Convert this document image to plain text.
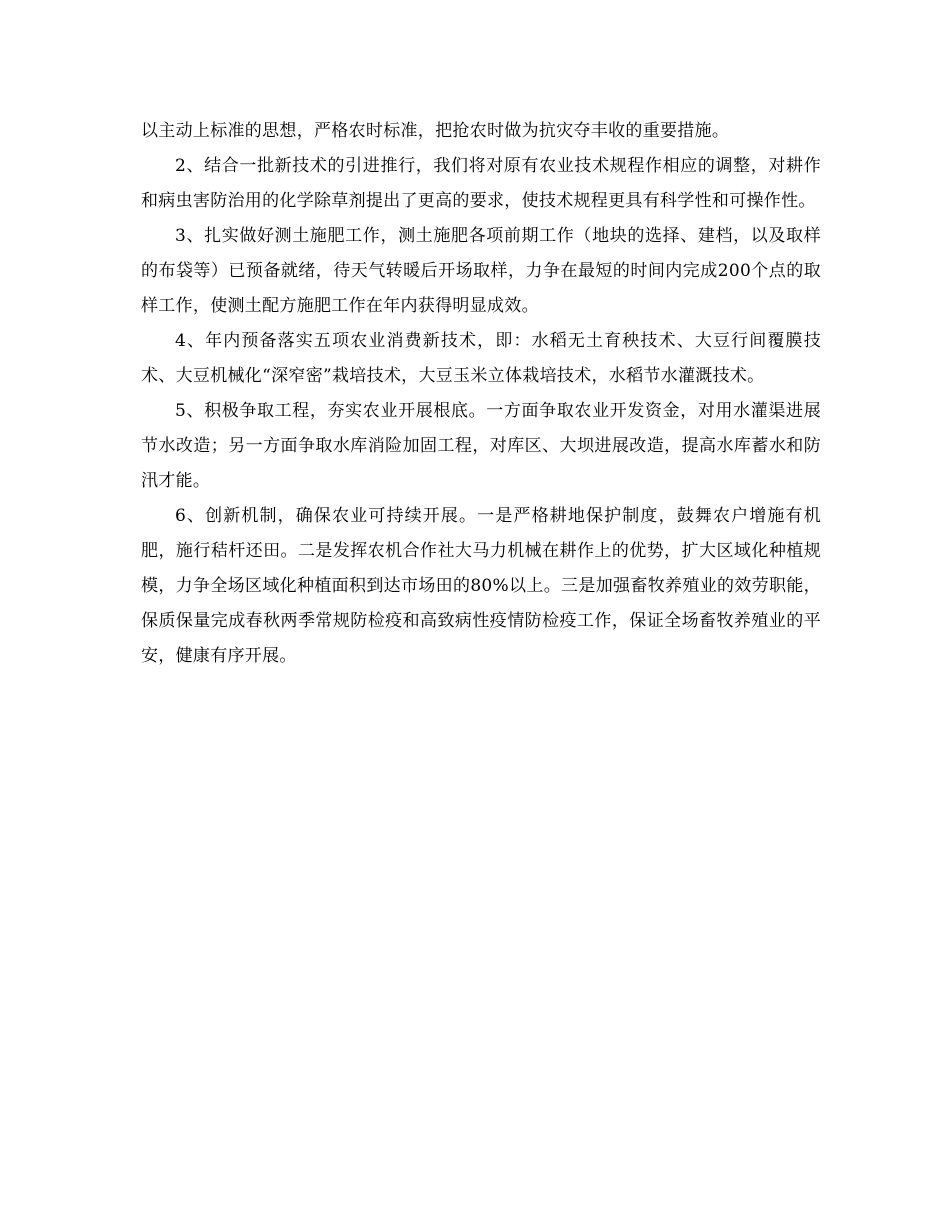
以主动上标准的思想，严格农时标准，把抢农时做为抗灾夺丰收的重要措施。

2、结合一批新技术的引进推行，我们将对原有农业技术规程作相应的调整，对耕作和病虫害防治用的化学除草剂提出了更高的要求，使技术规程更具有科学性和可操作性。

3、扎实做好测土施肥工作，测土施肥各项前期工作（地块的选择、建档，以及取样的布袋等）已预备就绪，待天气转暖后开场取样，力争在最短的时间内完成200个点的取样工作，使测土配方施肥工作在年内获得明显成效。

4、年内预备落实五项农业消费新技术，即：水稻无土育秧技术、大豆行间覆膜技术、大豆机械化“深窄密”栽培技术，大豆玉米立体栽培技术，水稻节水灌溉技术。

5、积极争取工程，夯实农业开展根底。一方面争取农业开发资金，对用水灌渠进展节水改造；另一方面争取水库消险加固工程，对库区、大坝进展改造，提高水库蓄水和防汛才能。

6、创新机制，确保农业可持续开展。一是严格耕地保护制度，鼓舞农户增施有机肥，施行秸杆还田。二是发挥农机合作社大马力机械在耕作上的优势，扩大区域化种植规模，力争全场区域化种植面积到达市场田的80%以上。三是加强畜牧养殖业的效劳职能，保质保量完成春秋两季常规防检疫和高致病性疫情防检疫工作，保证全场畜牧养殖业的平安，健康有序开展。
